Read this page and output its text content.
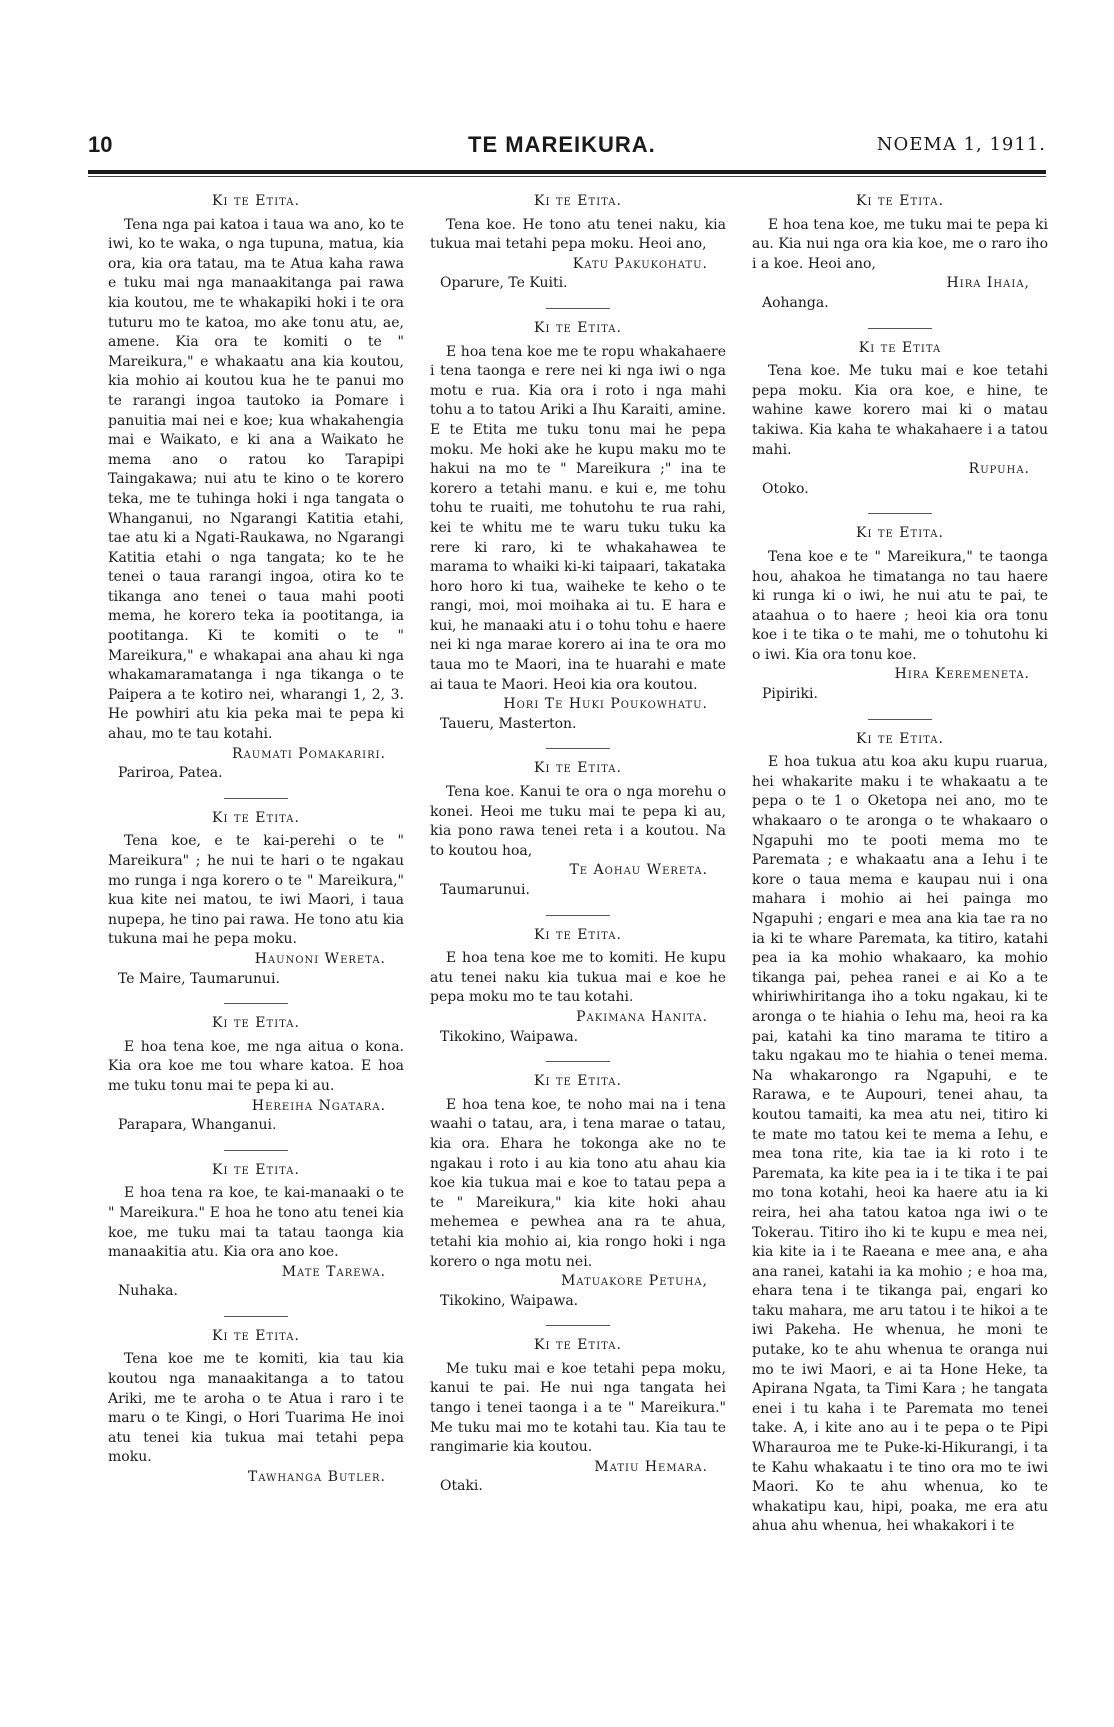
10	TE MAREIKURA.	NOEMA 1, 1911.
Ki te Etita.

Tena nga pai katoa i taua wa ano, ko te iwi, ko te waka, o nga tupuna, matua, kia ora, kia ora tatau, ma te Atua kaha rawa e tuku mai nga manaakitanga pai rawa kia koutou, me te whakapiki hoki i te ora tuturu mo te katoa, mo ake tonu atu, ae, amene. Kia ora te komiti o te " Mareikura," e whakaatu ana kia koutou, kia mohio ai koutou kua he te panui mo te rarangi ingoa tautoko ia Pomare i panuitia mai nei e koe; kua whakahengia mai e Waikato, e ki ana a Waikato he mema ano o ratou ko Tarapipi Taingakawa; nui atu te kino o te korero teka, me te tuhinga hoki i nga tangata o Whanganui, no Ngarangi Katitia etahi, tae atu ki a Ngati-Raukawa, no Ngarangi Katitia etahi o nga tangata; ko te he tenei o taua rarangi ingoa, otira ko te tikanga ano tenei o taua mahi pooti mema, he korero teka ia pootitanga, ia pootitanga. Ki te komiti o te " Mareikura," e whakapai ana ahau ki nga whakamaramatanga i nga tikanga o te Paipera a te kotiro nei, wharangi 1, 2, 3. He powhiri atu kia peka mai te pepa ki ahau, mo te tau kotahi.

Raumati Pomakariri.
Pariroa, Patea.
Ki te Etita.

Tena koe, e te kai-perehi o te " Mareikura" ; he nui te hari o te ngakau mo runga i nga korero o te " Mareikura," kua kite nei matou, te iwi Maori, i taua nupepa, he tino pai rawa. He tono atu kia tukuna mai he pepa moku.

Haunoni Wereta.
Te Maire, Taumarunui.
Ki te Etita.

E hoa tena koe, me nga aitua o kona. Kia ora koe me tou whare katoa. E hoa me tuku tonu mai te pepa ki au.

Hereiha Ngatara.
Parapara, Whanganui.
Ki te Etita.

E hoa tena ra koe, te kai-manaaki o te " Mareikura." E hoa he tono atu tenei kia koe, me tuku mai ta tatau taonga kia manaakitia atu. Kia ora ano koe.

Mate Tarewa.
Nuhaka.
Ki te Etita.

Tena koe me te komiti, kia tau kia koutou nga manaakitanga a to tatou Ariki, me te aroha o te Atua i raro i te maru o te Kingi, o Hori Tuarima He inoi atu tenei kia tukua mai tetahi pepa moku.

Tawhanga Butler.
Ki te Etita.

Tena koe. He tono atu tenei naku, kia tukua mai tetahi pepa moku. Heoi ano,

Katu Pakukohatu.
Oparure, Te Kuiti.
Ki te Etita.

E hoa tena koe me te ropu whakahaere i tena taonga e rere nei ki nga iwi o nga motu e rua. Kia ora i roto i nga mahi tohu a to tatou Ariki a Ihu Karaiti, amine. E te Etita me tuku tonu mai he pepa moku. Me hoki ake he kupu maku mo te hakui na mo te " Mareikura ;" ina te korero a tetahi manu. e kui e, me tohu tohu te ruaiti, me tohutohu te rua rahi, kei te whitu me te waru tuku tuku ka rere ki raro, ki te whakahawea te marama to whaiki ki-ki taipaari, takataka horo horo ki tua, waiheke te keho o te rangi, moi, moi moihaka ai tu. E hara e kui, he manaaki atu i o tohu tohu e haere nei ki nga marae korero ai ina te ora mo taua mo te Maori, ina te huarahi e mate ai taua te Maori. Heoi kia ora koutou.

Hori Te Huki Poukowhatu.
Taueru, Masterton.
Ki te Etita.

Tena koe. Kanui te ora o nga morehu o konei. Heoi me tuku mai te pepa ki au, kia pono rawa tenei reta i a koutou. Na to koutou hoa,

Te Aohau Wereta.
Taumarunui.
Ki te Etita.

E hoa tena koe me to komiti. He kupu atu tenei naku kia tukua mai e koe he pepa moku mo te tau kotahi.

Pakimana Hanita.
Tikokino, Waipawa.
Ki te Etita.

E hoa tena koe, te noho mai na i tena waahi o tatau, ara, i tena marae o tatau, kia ora. Ehara he tokonga ake no te ngakau i roto i au kia tono atu ahau kia koe kia tukua mai e koe to tatau pepa a te " Mareikura," kia kite hoki ahau mehemea e pewhea ana ra te ahua, tetahi kia mohio ai, kia rongo hoki i nga korero o nga motu nei.

Matuakore Petuha,
Tikokino, Waipawa.
Ki te Etita.

Me tuku mai e koe tetahi pepa moku, kanui te pai. He nui nga tangata hei tango i tenei taonga i a te " Mareikura." Me tuku mai mo te kotahi tau. Kia tau te rangimarie kia koutou.

Matiu Hemara.
Otaki.
Ki te Etita.

E hoa tena koe, me tuku mai te pepa ki au. Kia nui nga ora kia koe, me o raro iho i a koe. Heoi ano,

Hira Ihaia,
Aohanga.
Ki te Etita

Tena koe. Me tuku mai e koe tetahi pepa moku. Kia ora koe, e hine, te wahine kawe korero mai ki o matau takiwa. Kia kaha te whakahaere i a tatou mahi.

Rupuha.
Otoko.
Ki te Etita.

Tena koe e te " Mareikura," te taonga hou, ahakoa he timatanga no tau haere ki runga ki o iwi, he nui atu te pai, te ataahua o to haere ; heoi kia ora tonu koe i te tika o te mahi, me o tohutohu ki o iwi. Kia ora tonu koe.

Hira Keremeneta.
Pipiriki.
Ki te Etita.

E hoa tukua atu koa aku kupu ruarua, hei whakarite maku i te whakaatu a te pepa o te 1 o Oketopa nei ano, mo te whakaaro o te aronga o te whakaaro o Ngapuhi mo te pooti mema mo te Paremata ; e whakaatu ana a Iehu i te kore o taua mema e kaupau nui i ona mahara i mohio ai hei painga mo Ngapuhi ; engari e mea ana kia tae ra no ia ki te whare Paremata, ka titiro, katahi pea ia ka mohio whakaaro, ka mohio tikanga pai, pehea ranei e ai Ko a te whiriwhiritanga iho a toku ngakau, ki te aronga o te hiahia o Iehu ma, heoi ra ka pai, katahi ka tino marama te titiro a taku ngakau mo te hiahia o tenei mema. Na whakarongo ra Ngapuhi, e te Rarawa, e te Aupouri, tenei ahau, ta koutou tamaiti, ka mea atu nei, titiro ki te mate mo tatou kei te mema a Iehu, e mea tona rite, kia tae ia ki roto i te Paremata, ka kite pea ia i te tika i te pai mo tona kotahi, heoi ka haere atu ia ki reira, hei aha tatou katoa nga iwi o te Tokerau. Titiro iho ki te kupu e mea nei, kia kite ia i te Raeana e mee ana, e aha ana ranei, katahi ia ka mohio ; e hoa ma, ehara tena i te tikanga pai, engari ko taku mahara, me aru tatou i te hikoi a te iwi Pakeha. He whenua, he moni te putake, ko te ahu whenua te oranga nui mo te iwi Maori, e ai ta Hone Heke, ta Apirana Ngata, ta Timi Kara ; he tangata enei i tu kaha i te Paremata mo tenei take. A, i kite ano au i te pepa o te Pipi Wharauroa me te Puke-ki-Hikurangi, i ta te Kahu whakaatu i te tino ora mo te iwi Maori. Ko te ahu whenua, ko te whakatipu kau, hipi, poaka, me era atu ahua ahu whenua, hei whakakori i te
